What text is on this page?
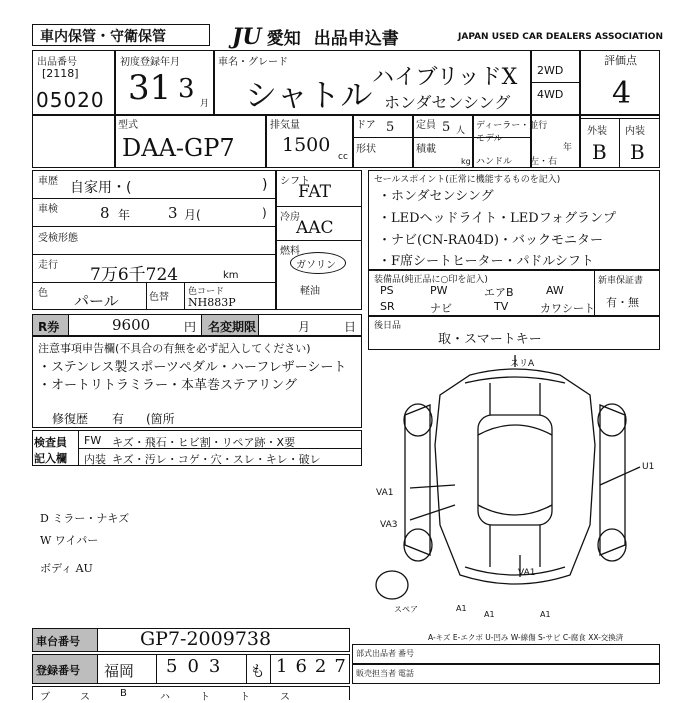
車内保管・守衛保管	JU 愛知 出品申込書	JAPAN USED CAR DEALERS ASSOCIATION
出品番号
[2118]
05020
初度登録年月
31 3 月
車名・グレード
シャトル ハイブリッドX
ホンダセンシング
2WD
4WD
評価点
4
外装 内装
B B
型式
DAA-GP7
排気量
1500
cc
ドア 5 定員 5 人
形状	積載
kg
ディーラー・並行
モデル
年
ハンドル 左・右
車歴 自家用・(	)
車検	8 年	3 月(	)
受検形態
走行 7万6千724	km
色 パール	色替 色コード
NH883P
シフト
FAT
冷房
AAC
燃料
ガソリン
軽油
セールスポイント(正常に機能するものを記入)
・ホンダセンシング
・LEDヘッドライト・LEDフォグランプ
・ナビ(CN-RA04D)・バックモニター
・F席シートヒーター・パドルシフト
装備品(純正品に○印を記入)
PS	PW	エアB	AW
SR	ナビ	TV	カワシート
新車保証書
有・無
R券	9600	円 名変期限	月	日 後日品
取・スマートキー
注意事項申告欄(不具合の有無を必ず記入してください)
・ステンレス製スポーツペダル・ハーフレザーシート
・オートリトラミラー・本革巻ステアリング
修復歴 有 (箇所
検査員
記入欄
FW キズ・飛石・ヒビ割・リペア跡・X要
内装 キズ・汚レ・コゲ・穴・スレ・キレ・破レ
D ミラー・ナキズ
W ワイパー
ボディ AU
スリA
U1
VA1
VA3
VA1
スペア	A1
A1	A1
A-キズ E-エクボ U-凹み W-線傷 S-サビ C-腐食 XX-交換済
車台番号	GP7-2009738
登録番号 福岡 503 も 1627
部式出品者 番号
販売担当者 電話
ブ	ス	B	ハ	ト	ト	ス
